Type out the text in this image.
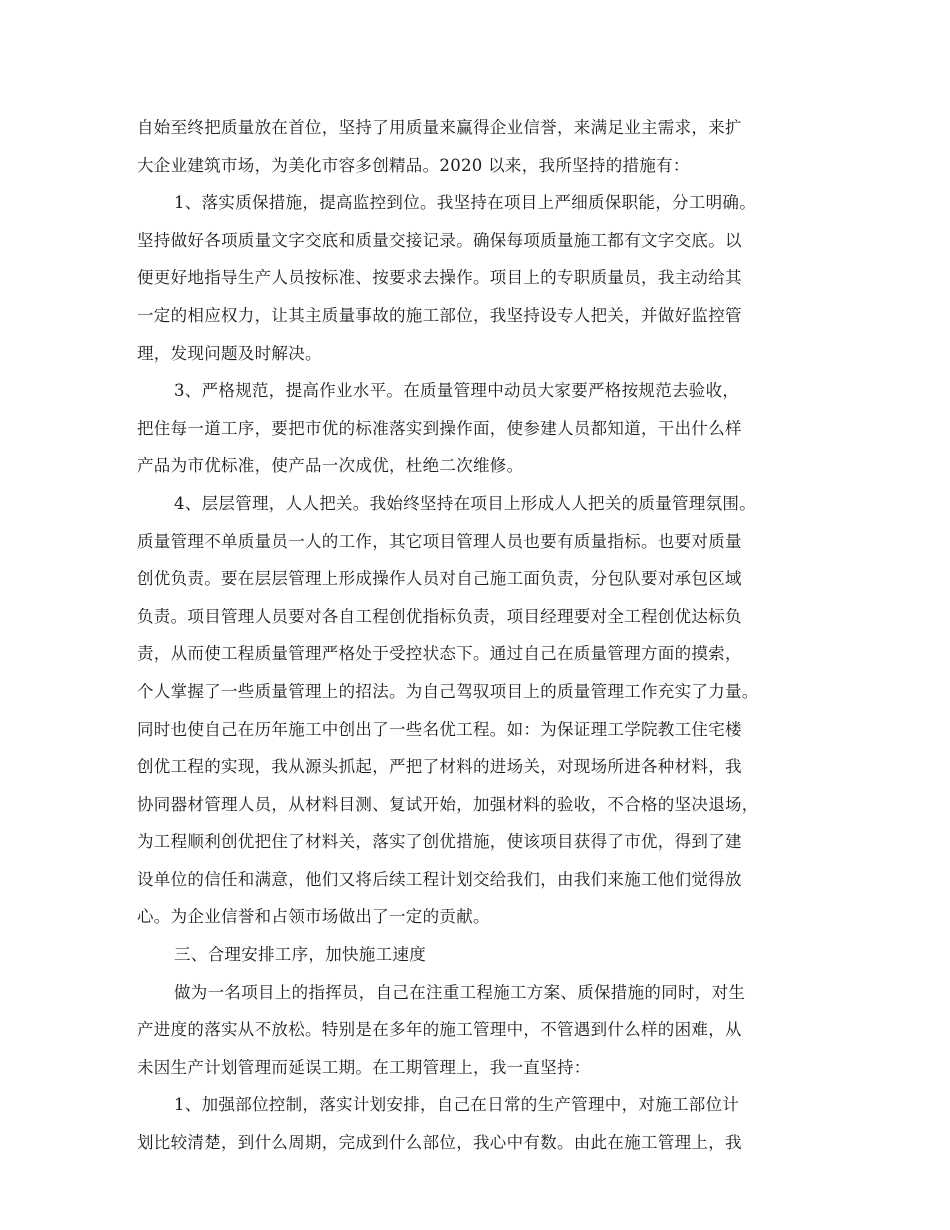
自始至终把质量放在首位，坚持了用质量来赢得企业信誉，来满足业主需求，来扩
大企业建筑市场，为美化市容多创精品。2020 以来，我所坚持的措施有：
1、落实质保措施，提高监控到位。我坚持在项目上严细质保职能，分工明确。
坚持做好各项质量文字交底和质量交接记录。确保每项质量施工都有文字交底。以
便更好地指导生产人员按标准、按要求去操作。项目上的专职质量员，我主动给其
一定的相应权力，让其主质量事故的施工部位，我坚持设专人把关，并做好监控管
理，发现问题及时解决。
3、严格规范，提高作业水平。在质量管理中动员大家要严格按规范去验收，
把住每一道工序，要把市优的标准落实到操作面，使参建人员都知道，干出什么样
产品为市优标准，使产品一次成优，杜绝二次维修。
4、层层管理，人人把关。我始终坚持在项目上形成人人把关的质量管理氛围。
质量管理不单质量员一人的工作，其它项目管理人员也要有质量指标。也要对质量
创优负责。要在层层管理上形成操作人员对自己施工面负责，分包队要对承包区域
负责。项目管理人员要对各自工程创优指标负责，项目经理要对全工程创优达标负
责，从而使工程质量管理严格处于受控状态下。通过自己在质量管理方面的摸索，
个人掌握了一些质量管理上的招法。为自己驾驭项目上的质量管理工作充实了力量。
同时也使自己在历年施工中创出了一些名优工程。如：为保证理工学院教工住宅楼
创优工程的实现，我从源头抓起，严把了材料的进场关，对现场所进各种材料，我
协同器材管理人员，从材料目测、复试开始，加强材料的验收，不合格的坚决退场，
为工程顺利创优把住了材料关，落实了创优措施，使该项目获得了市优，得到了建
设单位的信任和满意，他们又将后续工程计划交给我们，由我们来施工他们觉得放
心。为企业信誉和占领市场做出了一定的贡献。
三、合理安排工序，加快施工速度
做为一名项目上的指挥员，自己在注重工程施工方案、质保措施的同时，对生
产进度的落实从不放松。特别是在多年的施工管理中，不管遇到什么样的困难，从
未因生产计划管理而延误工期。在工期管理上，我一直坚持：
1、加强部位控制，落实计划安排，自己在日常的生产管理中，对施工部位计
划比较清楚，到什么周期，完成到什么部位，我心中有数。由此在施工管理上，我
